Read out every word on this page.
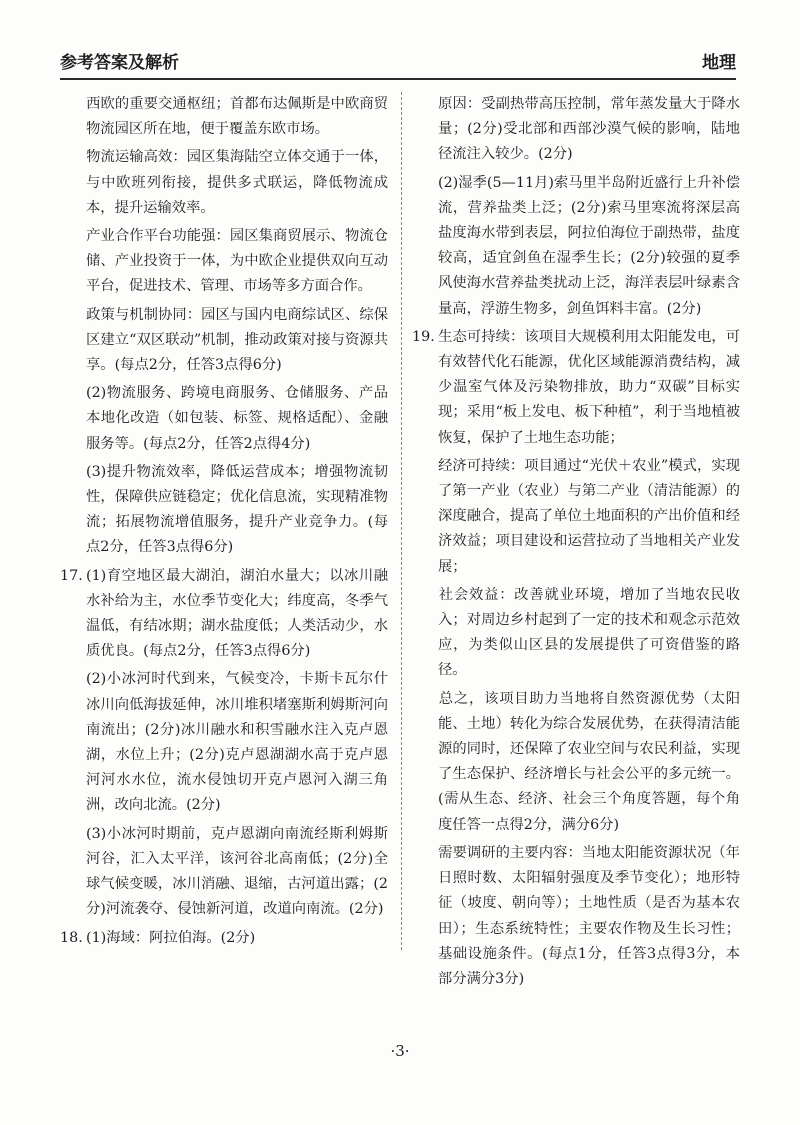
参考答案及解析	地理

西欧的重要交通枢纽；首都布达佩斯是中欧商贸物流园区所在地，便于覆盖东欧市场。

物流运输高效：园区集海陆空立体交通于一体，与中欧班列衔接，提供多式联运，降低物流成本，提升运输效率。

产业合作平台功能强：园区集商贸展示、物流仓储、产业投资于一体，为中欧企业提供双向互动平台，促进技术、管理、市场等多方面合作。

政策与机制协同：园区与国内电商综试区、综保区建立“双区联动”机制，推动政策对接与资源共享。(每点2分，任答3点得6分)

(2)物流服务、跨境电商服务、仓储服务、产品本地化改造（如包装、标签、规格适配）、金融服务等。(每点2分，任答2点得4分)

(3)提升物流效率，降低运营成本；增强物流韧性，保障供应链稳定；优化信息流，实现精准物流；拓展物流增值服务，提升产业竞争力。(每点2分，任答3点得6分)

17. (1)育空地区最大湖泊，湖泊水量大；以冰川融水补给为主，水位季节变化大；纬度高，冬季气温低，有结冰期；湖水盐度低；人类活动少，水质优良。(每点2分，任答3点得6分)

(2)小冰河时代到来，气候变冷，卡斯卡瓦尔什冰川向低海拔延伸，冰川堆积堵塞斯利姆斯河向南流出；(2分)冰川融水和积雪融水注入克卢恩湖，水位上升；(2分)克卢恩湖湖水高于克卢恩河河水水位，流水侵蚀切开克卢恩河入湖三角洲，改向北流。(2分)

(3)小冰河时期前，克卢恩湖向南流经斯利姆斯河谷，汇入太平洋，该河谷北高南低；(2分)全球气候变暖，冰川消融、退缩，古河道出露；(2分)河流袭夺、侵蚀新河道，改道向南流。(2分)

18. (1)海域：阿拉伯海。(2分)

原因：受副热带高压控制，常年蒸发量大于降水量；(2分)受北部和西部沙漠气候的影响，陆地径流注入较少。(2分)

(2)湿季(5—11月)索马里半岛附近盛行上升补偿流，营养盐类上泛；(2分)索马里寒流将深层高盐度海水带到表层，阿拉伯海位于副热带，盐度较高，适宜剑鱼在湿季生长；(2分)较强的夏季风使海水营养盐类扰动上泛，海洋表层叶绿素含量高，浮游生物多，剑鱼饵料丰富。(2分)

19. 生态可持续：该项目大规模利用太阳能发电，可有效替代化石能源，优化区域能源消费结构，减少温室气体及污染物排放，助力“双碳”目标实现；采用“板上发电、板下种植”，利于当地植被恢复，保护了土地生态功能；

经济可持续：项目通过“光伏＋农业”模式，实现了第一产业（农业）与第二产业（清洁能源）的深度融合，提高了单位土地面积的产出价值和经济效益；项目建设和运营拉动了当地相关产业发展；

社会效益：改善就业环境，增加了当地农民收入；对周边乡村起到了一定的技术和观念示范效应，为类似山区县的发展提供了可资借鉴的路径。

总之，该项目助力当地将自然资源优势（太阳能、土地）转化为综合发展优势，在获得清洁能源的同时，还保障了农业空间与农民利益，实现了生态保护、经济增长与社会公平的多元统一。(需从生态、经济、社会三个角度答题，每个角度任答一点得2分，满分6分)

需要调研的主要内容：当地太阳能资源状况（年日照时数、太阳辐射强度及季节变化）；地形特征（坡度、朝向等）；土地性质（是否为基本农田）；生态系统特性；主要农作物及生长习性；基础设施条件。(每点1分，任答3点得3分，本部分满分3分)

·3·
